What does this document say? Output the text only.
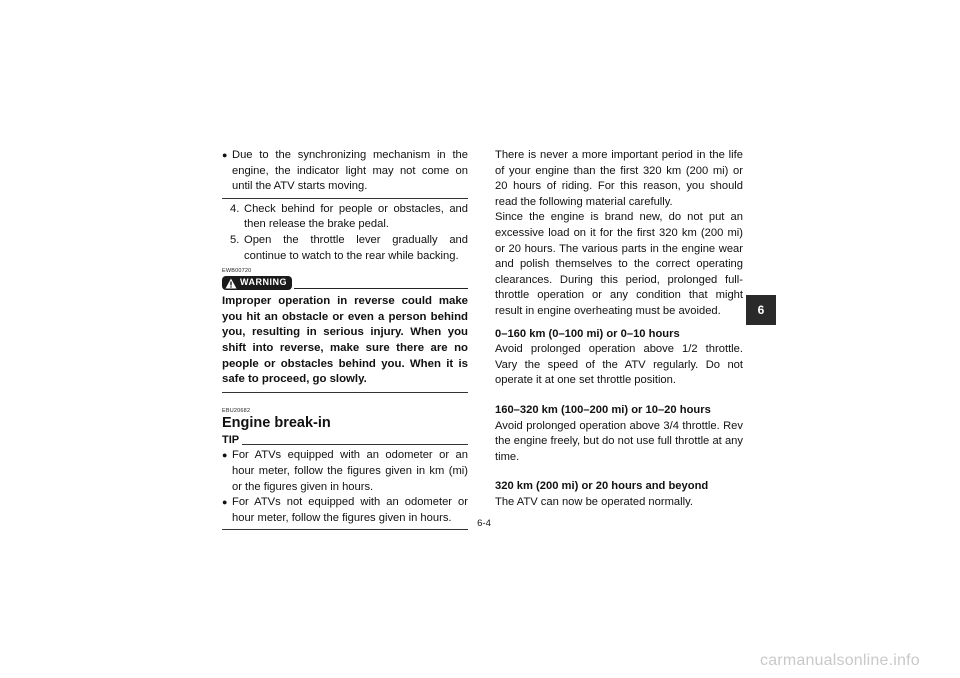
● Due to the synchronizing mechanism in the engine, the indicator light may not come on until the ATV starts moving.
4. Check behind for people or obstacles, and then release the brake pedal.
5. Open the throttle lever gradually and continue to watch to the rear while backing.
EWB00720
WARNING
Improper operation in reverse could make you hit an obstacle or even a person behind you, resulting in serious injury. When you shift into reverse, make sure there are no people or obstacles behind you. When it is safe to proceed, go slowly.
EBU20682
Engine break-in
TIP
● For ATVs equipped with an odometer or an hour meter, follow the figures given in km (mi) or the figures given in hours.
● For ATVs not equipped with an odometer or hour meter, follow the figures given in hours.
There is never a more important period in the life of your engine than the first 320 km (200 mi) or 20 hours of riding. For this reason, you should read the following material carefully.
Since the engine is brand new, do not put an excessive load on it for the first 320 km (200 mi) or 20 hours. The various parts in the engine wear and polish themselves to the correct operating clearances. During this period, prolonged full-throttle operation or any condition that might result in engine overheating must be avoided.
0–160 km (0–100 mi) or 0–10 hours
Avoid prolonged operation above 1/2 throttle. Vary the speed of the ATV regularly. Do not operate it at one set throttle position.
160–320 km (100–200 mi) or 10–20 hours
Avoid prolonged operation above 3/4 throttle. Rev the engine freely, but do not use full throttle at any time.
320 km (200 mi) or 20 hours and beyond
The ATV can now be operated normally.
6-4
6
carmanualsonline.info
